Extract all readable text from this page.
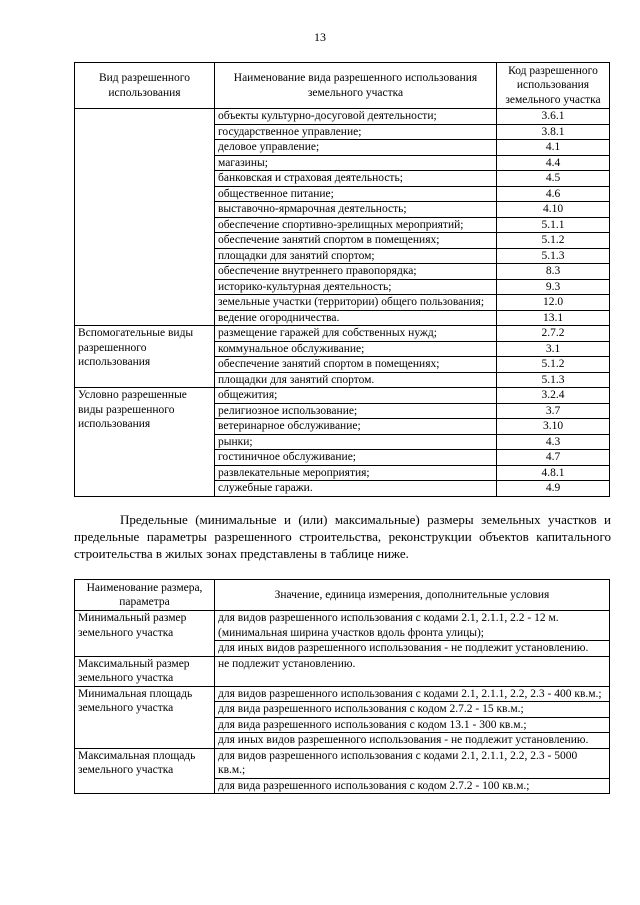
13
Вид разрешенного использования	Наименование вида разрешенного использования земельного участка	Код разрешенного использования земельного участка
	объекты культурно-досуговой деятельности;	3.6.1
	государственное управление;	3.8.1
	деловое управление;	4.1
	магазины;	4.4
	банковская и страховая деятельность;	4.5
	общественное питание;	4.6
	выставочно-ярмарочная деятельность;	4.10
	обеспечение спортивно-зрелищных мероприятий;	5.1.1
	обеспечение занятий спортом в помещениях;	5.1.2
	площадки для занятий спортом;	5.1.3
	обеспечение внутреннего правопорядка;	8.3
	историко-культурная деятельность;	9.3
	земельные участки (территории) общего пользования;	12.0
	ведение огородничества.	13.1
Вспомогательные виды разрешенного использования	размещение гаражей для собственных нужд;	2.7.2
	коммунальное обслуживание;	3.1
	обеспечение занятий спортом в помещениях;	5.1.2
	площадки для занятий спортом.	5.1.3
Условно разрешенные виды разрешенного использования	общежития;	3.2.4
	религиозное использование;	3.7
	ветеринарное обслуживание;	3.10
	рынки;	4.3
	гостиничное обслуживание;	4.7
	развлекательные мероприятия;	4.8.1
	служебные гаражи.	4.9

Предельные (минимальные и (или) максимальные) размеры земельных участков и предельные параметры разрешенного строительства, реконструкции объектов капитального строительства в жилых зонах представлены в таблице ниже.

Наименование размера, параметра	Значение, единица измерения, дополнительные условия
Минимальный размер земельного участка	для видов разрешенного использования с кодами 2.1, 2.1.1, 2.2 - 12 м. (минимальная ширина участков вдоль фронта улицы);
	для иных видов разрешенного использования - не подлежит установлению.
Максимальный размер земельного участка	не подлежит установлению.
Минимальная площадь земельного участка	для видов разрешенного использования с кодами 2.1, 2.1.1, 2.2, 2.3 - 400 кв.м.;
	для вида разрешенного использования с кодом 2.7.2 - 15 кв.м.;
	для вида разрешенного использования с кодом 13.1 - 300 кв.м.;
	для иных видов разрешенного использования - не подлежит установлению.
Максимальная площадь земельного участка	для видов разрешенного использования с кодами 2.1, 2.1.1, 2.2, 2.3 - 5000 кв.м.;
	для вида разрешенного использования с кодом 2.7.2 - 100 кв.м.;
